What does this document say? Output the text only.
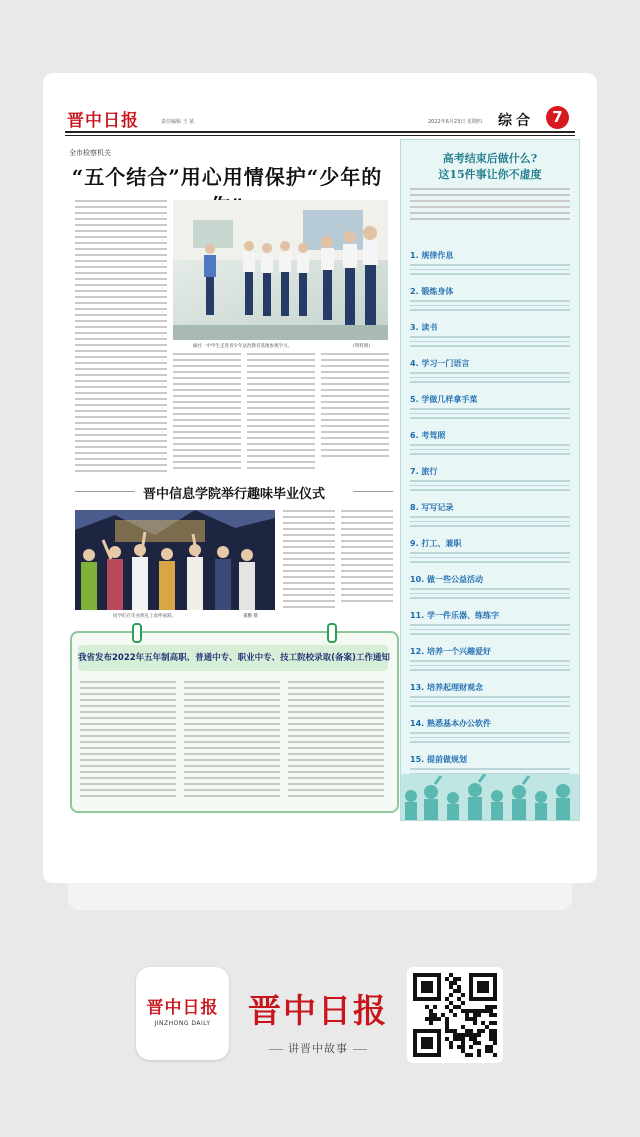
晋中日报	责任编辑 王 某	2022年6月23日 星期四 综合	7
全市检察机关
“五个结合”用心用情保护“少年的
榆社一中学生走进青少年法治教育基地参观学习。	(资料图)
晋中信息学院举行趣味毕业仪式
同学们在毕业典礼上欢呼雀跃。	董鹏 摄
我省发布2022年五年制高职、普通中专、职业中专、技工院校录取(备案)工作通知
高考结束后做什么?
这15件事让你不虚度
1. 规律作息
2. 锻炼身体
3. 读书
4. 学习一门语言
5. 学做几样拿手菜
6. 考驾照
7. 旅行
8. 写写记录
9. 打工、兼职
10. 做一些公益活动
11. 学一件乐器、练练字
12. 培养一个兴趣爱好
13. 培养起理财观念
14. 熟悉基本办公软件
15. 提前做规划
晋中日报
JINZHONG DAILY	晋中日报
讲晋中故事
